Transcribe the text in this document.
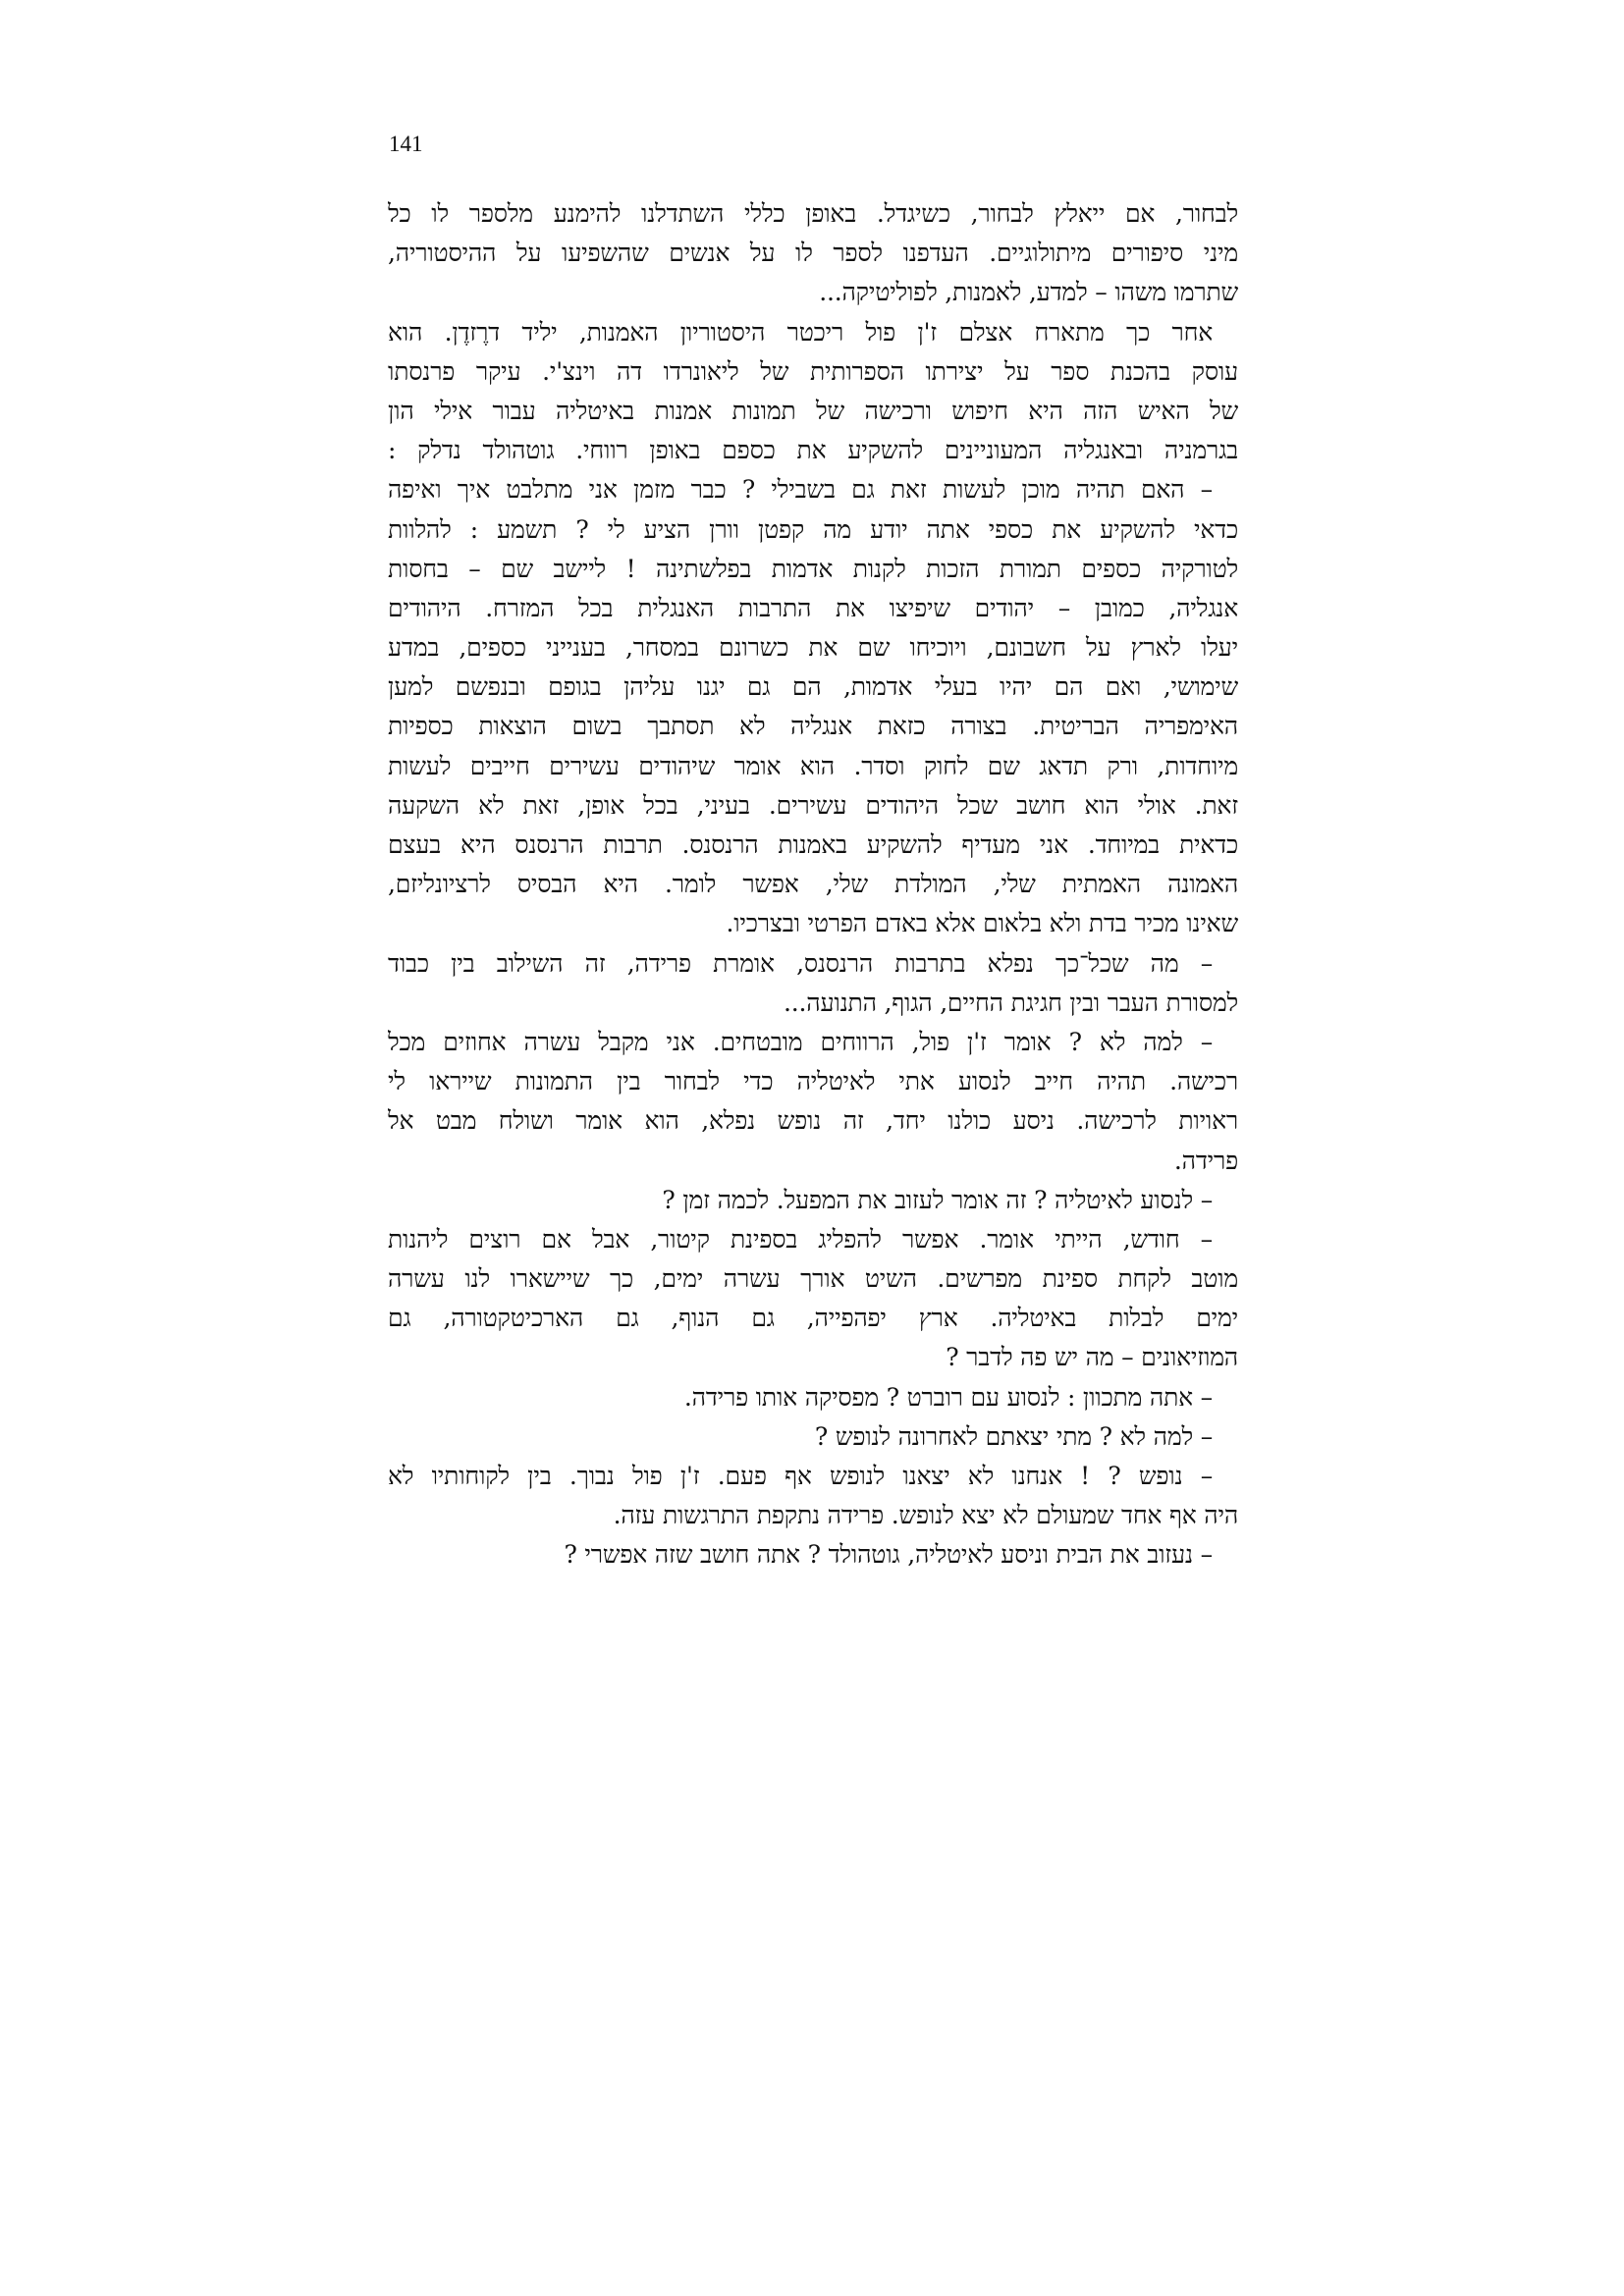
141
לבחור, אם ייאלץ לבחור, כשיגדל. באופן כללי השתדלנו להימנע מלספר לו כל
מיני סיפורים מיתולוגיים. העדפנו לספר לו על אנשים שהשפיעו על ההיסטוריה,
שתרמו משהו – למדע, לאמנות, לפוליטיקה...
אחר כך מתארח אצלם ז'ן פול ריכטר היסטוריון האמנות, יליד דרֶזדֶן. הוא
עוסק בהכנת ספר על יצירתו הספרותית של ליאונרדו דה וינצ'י. עיקר פרנסתו
של האיש הזה היא חיפוש ורכישה של תמונות אמנות באיטליה עבור אילי הון
בגרמניה ובאנגליה המעוניינים להשקיע את כספם באופן רווחי. גוטהולד נדלק :
– האם תהיה מוכן לעשות זאת גם בשבילי ? כבר מזמן אני מתלבט איך ואיפה
כדאי להשקיע את כספי אתה יודע מה קפטן וורן הציע לי ? תשמע : להלוות
לטורקיה כספים תמורת הזכות לקנות אדמות בפלשתינה ! ליישב שם – בחסות
אנגליה, כמובן – יהודים שיפיצו את התרבות האנגלית בכל המזרח. היהודים
יעלו לארץ על חשבונם, ויוכיחו שם את כשרונם במסחר, בענייני כספים, במדע
שימושי, ואם הם יהיו בעלי אדמות, הם גם יגנו עליהן בגופם ובנפשם למען
האימפריה הבריטית. בצורה כזאת אנגליה לא תסתבך בשום הוצאות כספיות
מיוחדות, ורק תדאג שם לחוק וסדר. הוא אומר שיהודים עשירים חייבים לעשות
זאת. אולי הוא חושב שכל היהודים עשירים. בעיני, בכל אופן, זאת לא השקעה
כדאית במיוחד. אני מעדיף להשקיע באמנות הרנסנס. תרבות הרנסנס היא בעצם
האמונה האמתית שלי, המולדת שלי, אפשר לומר. היא הבסיס לרציונליזם,
שאינו מכיר בדת ולא בלאום אלא באדם הפרטי ובצרכיו.
– מה שכל־כך נפלא בתרבות הרנסנס, אומרת פרידה, זה השילוב בין כבוד
למסורת העבר ובין חגיגת החיים, הגוף, התנועה...
– למה לא ? אומר ז'ן פול, הרווחים מובטחים. אני מקבל עשרה אחוזים מכל
רכישה. תהיה חייב לנסוע אתי לאיטליה כדי לבחור בין התמונות שייראו לי
ראויות לרכישה. ניסע כולנו יחד, זה נופש נפלא, הוא אומר ושולח מבט אל
פרידה.
– לנסוע לאיטליה ? זה אומר לעזוב את המפעל. לכמה זמן ?
– חודש, הייתי אומר. אפשר להפליג בספינת קיטור, אבל אם רוצים ליהנות
מוטב לקחת ספינת מפרשים. השיט אורך עשרה ימים, כך שיישארו לנו עשרה
ימים לבלות באיטליה. ארץ יפהפייה, גם הנוף, גם הארכיטקטורה, גם
המוזיאונים – מה יש פה לדבר ?
– אתה מתכוון : לנסוע עם רוברט ? מפסיקה אותו פרידה.
– למה לא ? מתי יצאתם לאחרונה לנופש ?
– נופש ? ! אנחנו לא יצאנו לנופש אף פעם. ז'ן פול נבוך. בין לקוחותיו לא
היה אף אחד שמעולם לא יצא לנופש. פרידה נתקפת התרגשות עזה.
– נעזוב את הבית וניסע לאיטליה, גוטהולד ? אתה חושב שזה אפשרי ?
